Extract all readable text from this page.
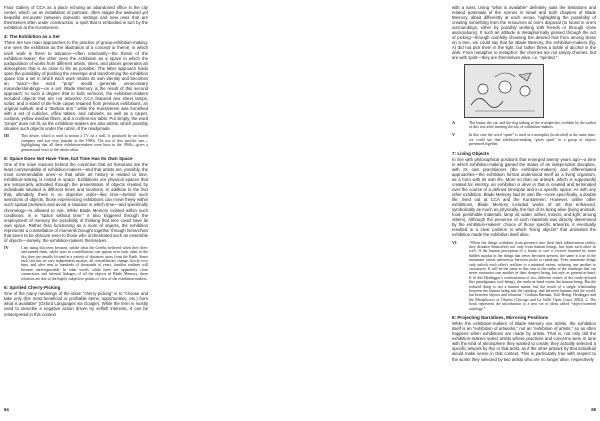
Floor Gallery of CCA as a place echoing an abandoned office in the city center, which, as an installation of partcast, often stages the awkward yet beautiful encounter between domestic settings and new ones that are themselves often under construction, a spirit that is embodied in turn by the exhibition at the Kunstverein.

4: The Exhibition as a Set

There are two main approaches to the practice of group-exhibition-making: one sees the exhibition as the illustration of a concept or theme, in which each work is there to advance—often reluctantly—the thesis of the exhibition-maker; the other sees the exhibition as a space in which the juxtaposition of works from different artists, times, and places generates an atmosphere that is as close to life as possible. The latter approach holds open the possibility of pushing the envelope and transforming the exhibition space into a set in which each work retains its own identity and becomes an “actor”—the word “prop” would generate unnecessary misunderstandings—on a set. Blade Memory is the result of this second approach, to such a degree that in both versions, the exhibition-makers included objects that are not artworks: CCA featured two sheet lamps, sofas, and a stand of tile-hole carpet retained from previous exhibitions, an original sukkah, and a “Barban arm,” while the Kunstverein was furnished with a set of cubicles, office tables, and cabinets, as well as a carpet, curtains, yellow window filters, and a conference table. Put simply, the word “props” does not fit, as the exhibition-makers are also artists, which possibly situates such objects under the rubric of the readymade.

III	This desire, which is used to mount a TV on a wall, is produced by an Israeli company and was very popular in the 1990s. The use of this specific one—highlighting that all these exhibition-makers were born in the 1960s—gives a generational twist to the whole affair.
5: Space Does Not Have Time, but Time Has Its Own Space

One of the main reasons behind the conviction that art historians are the least commendable of exhibition-makers—and that artists are, possibly, the most commendable ones—is that while art history is related to time, exhibition-making is rooted in space. Exhibitions are physical spaces that are temporarily activated through the presentation of objects created by individuals situated in different times and locations. In addition to the fact that, ultimately, there is no objective order—like time—behind such selections of objects, those experiencing exhibitions can move freely within such spatial premises and avoid a situation in which time—and specifically chronology—is allowed to rule. While Blade Memory existed within such conditions, in a “space without time,” it also triggered through the employment of memory the possibility of thinking that time could have its own space. Rather than functioning as a room of objects, the exhibition represents a constellation of moments brought together through hierarchies that seem to be obscure even to those who orchestrated such an ensemble of objects—namely, the exhibition-makers themselves.

IV	I am using this term because, unlike what the Greeks believed when they drew and named them, while stars in constellations can appear near each other in the sky, they are usually located at a variety of distances away from the Earth. Since each star has its own independent motion, all constellations change slowly over time, and after tens to hundreds of thousands of years, familiar outlines will become unrecognizable. In other words, while there are apparently close connections and internal linkages of all the objects in Blade Memory, these relations are due to the highly subjective points of view of the exhibition-makers.
6: Spirited Cherry-Picking

One of the many meanings of the idiom “cherry-picking” is to “choose and take only (the most beneficial or profitable items, opportunities, etc.) from what is available” (Oxford Languages via Google). While the term is mostly used to describe a negative action driven by selfish interests, it can be reinterpreted in this context

64

with a twist. Using “what is available” definitely suits the limitations and related potentials of the scenes in Israel and both chapters of Blade Memory, albeit differently at each venue, highlighting the possibility of creating something from the resources at one's disposal (to found in one's surroundings, either by possibly working with friends or through close associations). If such an attitude is metaphorically passed through the act of picking—through carefully choosing the desired fruit from among those on a tree, we could say that for Blade Memory, the exhibition-makers (fig. A) did not pick them in the light, but rather threw a bottle of alcohol in the dark. From metaphor to metaphor: the cherries are not simply cherries, but are with spirit—they are themselves alive, i.e. “spirited.”

A	The lemur, the cat, and the dog talking to the woodpecker, scribble by the author of this text after meeting the trio of exhibition-makers.
V	In this case the word “spirit” is used as a metaphor (in alcohol) at the same time, we could say that exhibition-making “gives spirit” to a group of objects presented together.
7: Living Objects

In line with philosophical positions that emerged twenty years ago—a time in which exhibition-making gained the status of an independent discipline, with its own practitioners (the exhibition-makers) and differentiated approaches—the exhibition format understood itself as a living organism, as a form with its own life. More so than an artwork, which is supposedly created for eternity, an exhibition is alive in that is created and terminated over the course of a defined timespan and in a specific space. As with any other exhibition, Blade Memory had its own life—more specifically, a double life, lived out at CCA and the Kunstverein. However, unlike other exhibitions, Blade Memory included works of art that enhanced, symbolically as much as physically, the fact of its being alive (living animals, food, perishable materials, lamp oil, water, ashes, insects, and light, among others). Although the presence of such materials was directly determined by the exhibition-makers' choice of those specific artworks, it eventually resulted in a clear position in which “living objects” that animated the exhibition made the exhibition itself alive.

VI	“When the things withdraw from presence into their dark subterranean reality, they distance themselves not only from human beings, but from each other as well. If the human perception of a house or tree is forever haunted by some hidden surplus in the things that never becomes present, the same is true of the inanimate causal interaction between rocks or raindrops. Even inanimate things only unlock each other's realities to a minimal extent, reducing one another to caricatures. It will be the same in this case in the realm of the raindrops that can never encounter one another in their deepest being, but only as present-at-hand. If in this Heidegger's confrontation of two different senses of the ready-at-hand (his paradigmatic tool-being), the ready-at-hand resists the human being. But the reduced thing is not a human matter, but the result of a single relationship between the human being and the raindrop, and between humans and the world, but between objects and relations.” Graham Harman, Tool-Being: Heidegger and the Metaphysics of Objects (Chicago and La Salle: Open Court, 2002), 2. The book represents the introduction to a new set of ideas called “object-oriented ontology.”
8: Projecting Narratives, Mirroring Positions

While the exhibition-makers of Blade Memory are artists, the exhibition itself is an “exhibition of artworks,” not an “exhibition of artists,” so as often happens when exhibitions are made by artists. That is, not only did the exhibition-makers select artists whose practices and concerns were in tune with the kind of atmosphere they wanted to create; they actually selected a specific artwork by this or that artist, as if the other artwork by that individual would make sense in that context. This is particularly true with respect to the works they selected by two artists who are no longer alive, respectively

65
